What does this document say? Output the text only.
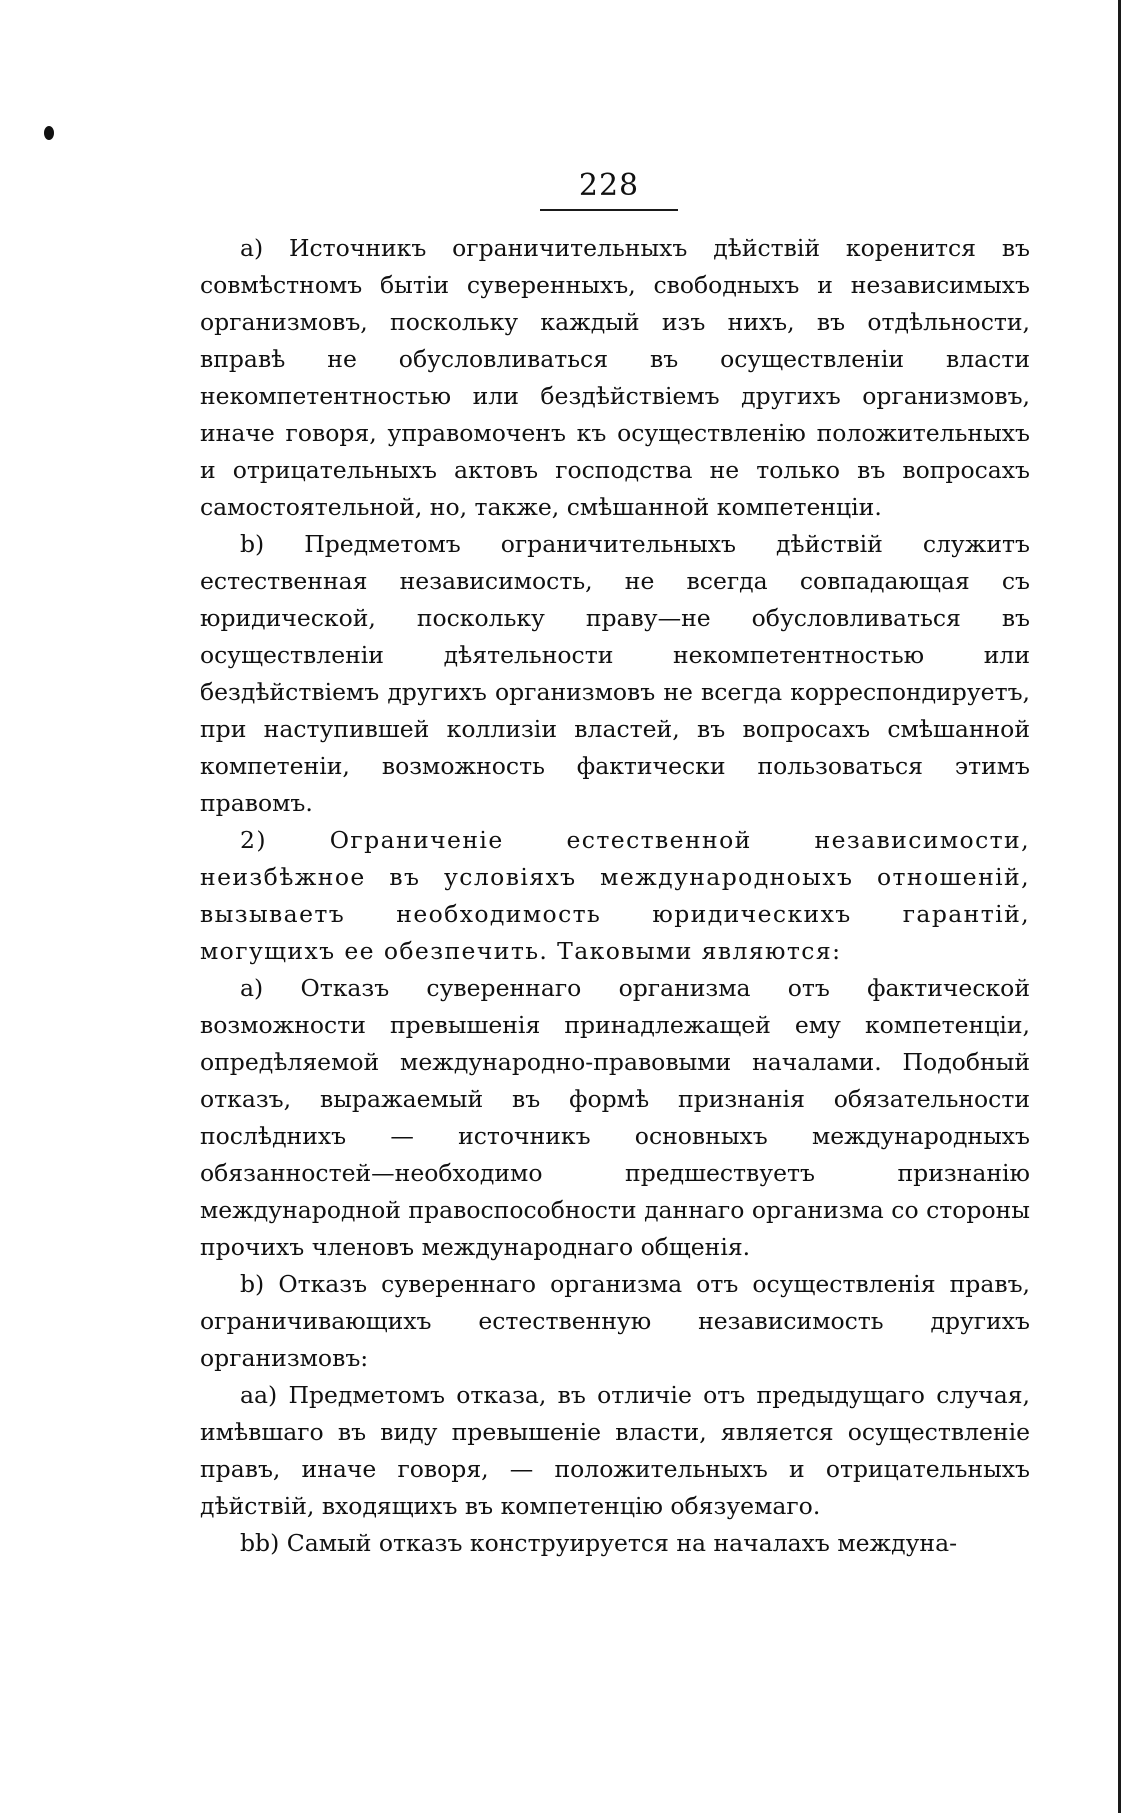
228

a) Источникъ ограничительныхъ дѣйствій коренится въ совмѣстномъ бытіи суверенныхъ, свободныхъ и независимыхъ организмовъ, поскольку каждый изъ нихъ, въ отдѣльности, вправѣ не обусловливаться въ осуществленіи власти некомпетентностью или бездѣйствіемъ другихъ организмовъ, иначе говоря, управомоченъ къ осуществленію положительныхъ и отрицательныхъ актовъ господства не только въ вопросахъ самостоятельной, но, также, смѣшанной компетенціи.

b) Предметомъ ограничительныхъ дѣйствій служитъ естественная независимость, не всегда совпадающая съ юридической, поскольку праву—не обусловливаться въ осуществленіи дѣятельности некомпетентностью или бездѣйствіемъ другихъ организмовъ не всегда корреспондируетъ, при наступившей коллизіи властей, въ вопросахъ смѣшанной компетеніи, возможность фактически пользоваться этимъ правомъ.

2) Ограниченіе естественной независимости, неизбѣжное въ условіяхъ международноыхъ отношеній, вызываетъ необходимость юридическихъ гарантій, могущихъ ее обезпечить. Таковыми являются:

a) Отказъ сувереннаго организма отъ фактической возможности превышенія принадлежащей ему компетенціи, опредѣляемой международно-правовыми началами. Подобный отказъ, выражаемый въ формѣ признанія обязательности послѣднихъ — источникъ основныхъ международныхъ обязанностей—необходимо предшествуетъ признанію международной правоспособности даннаго организма со стороны прочихъ членовъ международнаго общенія.

b) Отказъ сувереннаго организма отъ осуществленія правъ, ограничивающихъ естественную независимость другихъ организмовъ:

aa) Предметомъ отказа, въ отличіе отъ предыдущаго случая, имѣвшаго въ виду превышеніе власти, является осуществленіе правъ, иначе говоря, — положительныхъ и отрицательныхъ дѣйствій, входящихъ въ компетенцію обязуемаго.

bb) Самый отказъ конструируется на началахъ междуна-
